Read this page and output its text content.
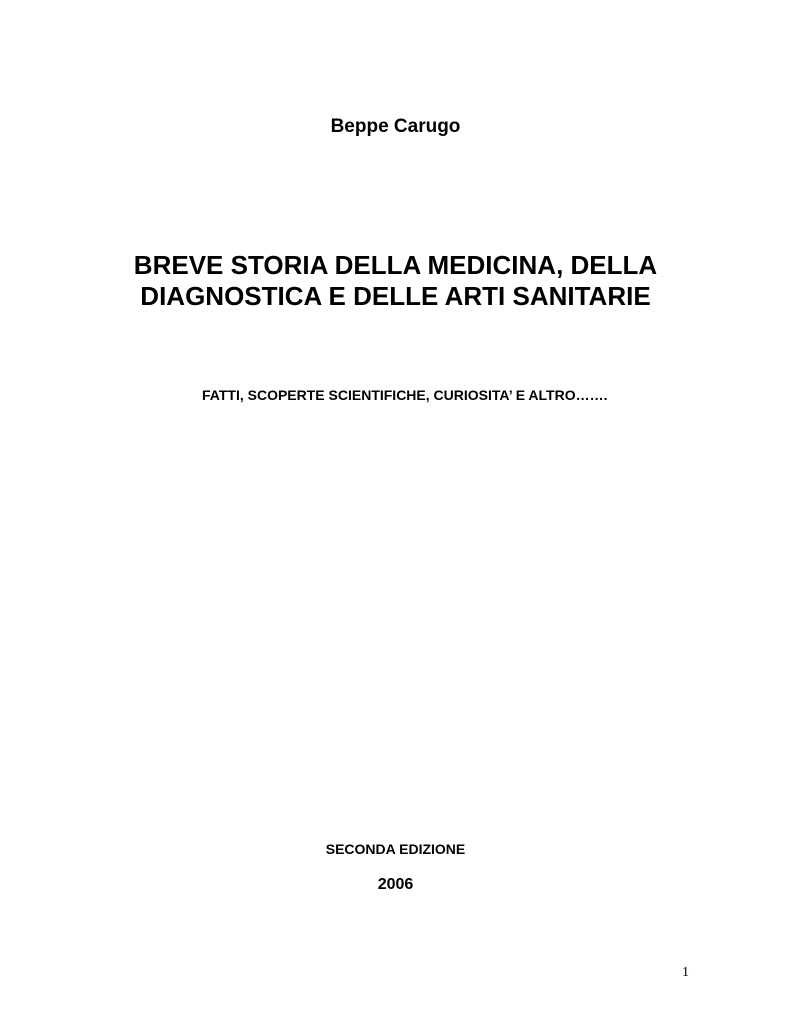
Beppe Carugo
BREVE STORIA DELLA MEDICINA, DELLA
DIAGNOSTICA E DELLE ARTI SANITARIE
FATTI, SCOPERTE SCIENTIFICHE, CURIOSITA’ E ALTRO…….
SECONDA EDIZIONE
2006
1
